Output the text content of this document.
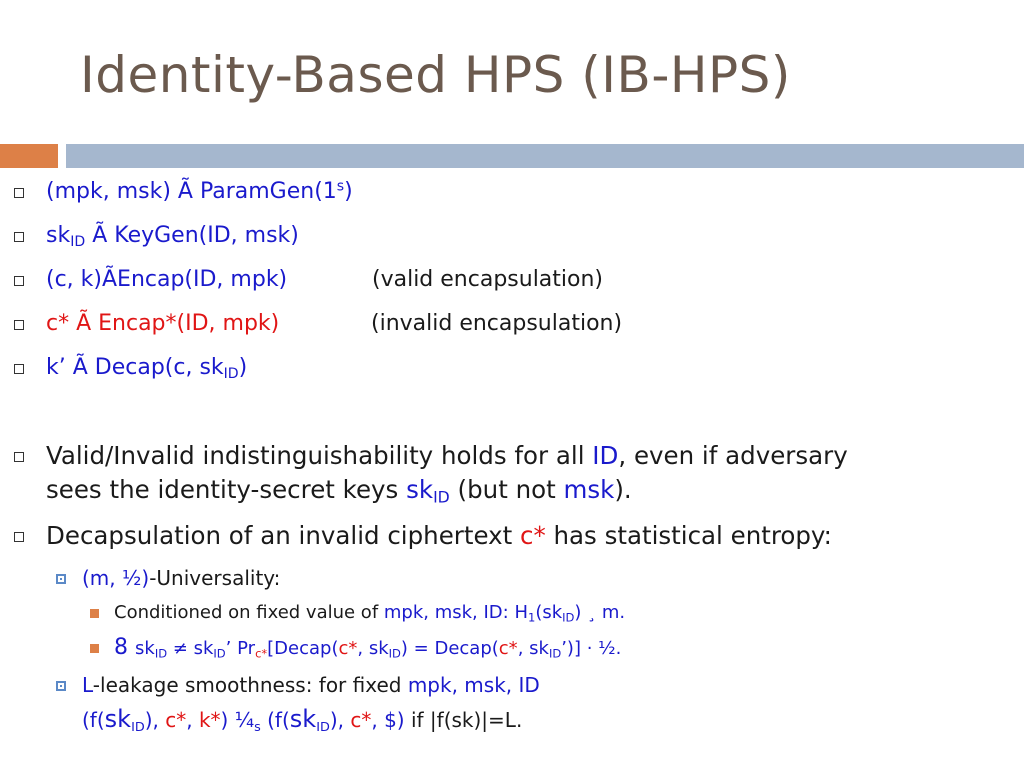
Identity-Based HPS (IB-HPS)
(mpk, msk) Ã ParamGen(1$^s$)
$sk_{ID}$ Ã KeyGen(ID, msk)
(c, k)ÃEncap(ID, mpk)	(valid encapsulation)
c* Ã Encap*(ID, mpk)	(invalid encapsulation)
k’ Ã Decap(c, $sk_{ID}$)
Valid/Invalid indistinguishability holds for all ID, even if adversary
sees the identity-secret keys $sk_{ID}$ (but not msk).
Decapsulation of an invalid ciphertext c* has statistical entropy:
(m, ½)-Universality:
Conditioned on fixed value of mpk, msk, ID: $H_1(sk_{ID})$ ¸ m.
8 $sk_{ID} \ne sk_{ID}$’ $Pr_{c*}[Decap(c*$, $sk_{ID}$) = Decap(c*, $sk_{ID}$’)] · ½.
L-leakage smoothness: for fixed mpk, msk, ID
($f(sk_{ID})$, c*, k*) $\frac{1}{4}_s$ ($f(sk_{ID})$, c*, $) if |f(sk)|=L.
